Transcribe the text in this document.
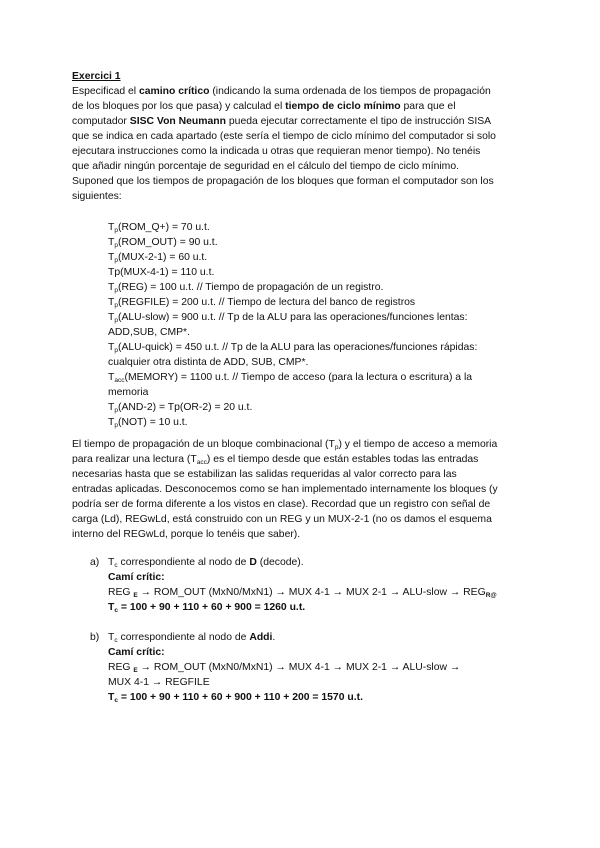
Exercici 1

Especificad el camino crítico (indicando la suma ordenada de los tiempos de propagación

de los bloques por los que pasa) y calculad el tiempo de ciclo mínimo para que el

computador SISC Von Neumann pueda ejecutar correctamente el tipo de instrucción SISA

que se indica en cada apartado (este sería el tiempo de ciclo mínimo del computador si solo

ejecutara instrucciones como la indicada u otras que requieran menor tiempo). No tenéis

que añadir ningún porcentaje de seguridad en el cálculo del tiempo de ciclo mínimo.

Suponed que los tiempos de propagación de los bloques que forman el computador son los

siguientes:

$T_p(ROM\_Q+) = 70$ u.t.
$T_p(ROM\_OUT) = 90$ u.t.
$T_p(MUX-2-1) = 60$ u.t.
Tp(MUX-4-1) = 110 u.t.
$T_p(REG) = 100$ u.t. // Tiempo de propagación de un registro.
$T_p(REGFILE) = 200$ u.t. // Tiempo de lectura del banco de registros
$T_p(ALU-slow) = 900$ u.t. // Tp de la ALU para las operaciones/funciones lentas:
ADD,SUB, CMP*.
$T_p(ALU-quick) = 450$ u.t. // Tp de la ALU para las operaciones/funciones rápidas:
cualquier otra distinta de ADD, SUB, CMP*.
$T_{acc}(MEMORY) = 1100$ u.t. // Tiempo de acceso (para la lectura o escritura) a la
memoria
$T_p(AND-2) = Tp(OR-2) = 20$ u.t.
$T_p(NOT) = 10$ u.t.

El tiempo de propagación de un bloque combinacional $(T_p)$ y el tiempo de acceso a memoria

para realizar una lectura $(T_{acc})$ es el tiempo desde que están estables todas las entradas

necesarias hasta que se estabilizan las salidas requeridas al valor correcto para las

entradas aplicadas. Desconocemos como se han implementado internamente los bloques (y

podría ser de forma diferente a los vistos en clase). Recordad que un registro con señal de

carga (Ld), REGwLd, está construido con un REG y un MUX-2-1 (no os damos el esquema

interno del REGwLd, porque lo tenéis que saber).

a) $T_c$ correspondiente al nodo de D (decode).
Camí crític:
REG $_E$ → ROM_OUT (MxN0/MxN1) → MUX 4-1 → MUX 2-1 → ALU-slow → $REG_{R@}$
$T_c = 100 + 90 + 110 + 60 + 900 = 1260$ u.t.
b) $T_c$ correspondiente al nodo de Addi.
Camí crític:
REG $_E$ → ROM_OUT (MxN0/MxN1) → MUX 4-1 → MUX 2-1 → ALU-slow →
MUX 4-1 → REGFILE
$T_c = 100 + 90 + 110 + 60 + 900 + 110 + 200 = 1570$ u.t.
